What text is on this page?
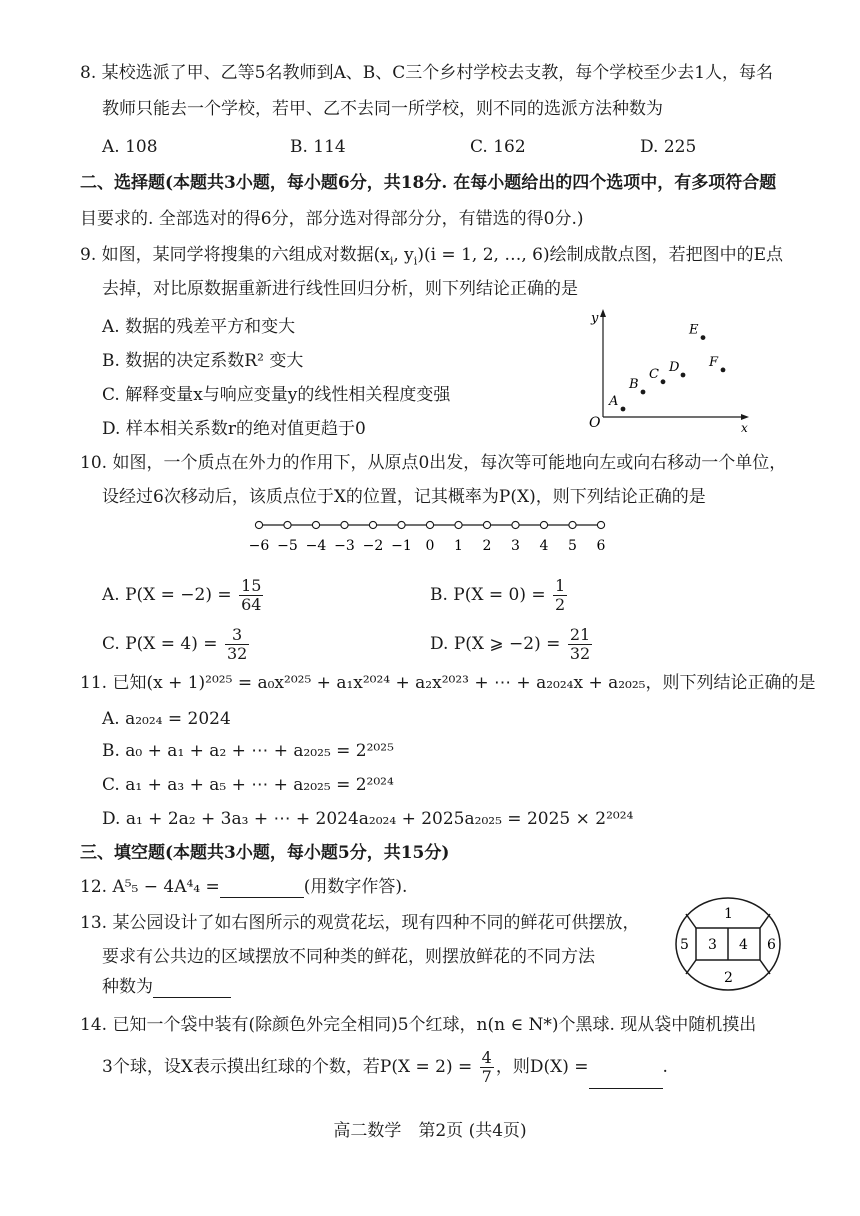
8. 某校选派了甲、乙等5名教师到A、B、C三个乡村学校去支教，每个学校至少去1人，每名
教师只能去一个学校，若甲、乙不去同一所学校，则不同的选派方法种数为
A. 108	B. 114	C. 162	D. 225
二、选择题(本题共3小题，每小题6分，共18分. 在每小题给出的四个选项中，有多项符合题
目要求的. 全部选对的得6分，部分选对得部分分，有错选的得0分.)
9. 如图，某同学将搜集的六组成对数据($x_i$, $y_i)(i = 1$, 2, …, 6)绘制成散点图，若把图中的E点
去掉，对比原数据重新进行线性回归分析，则下列结论正确的是
A. 数据的残差平方和变大
B. 数据的决定系数R² 变大
C. 解释变量x与响应变量y的线性相关程度变强
D. 样本相关系数r的绝对值更趋于0
y
x
O
A
B
C D
E
F
10. 如图，一个质点在外力的作用下，从原点0出发，每次等可能地向左或向右移动一个单位，
设经过6次移动后，该质点位于X的位置，记其概率为P(X)，则下列结论正确的是
−6 −5 −4 −3 −2 −1 0 1 2 3 4 5 6
A. $P(X = -2) = \frac{15}{64}$	B. $P(X = 0) = \frac{1}{2}$
C. $P(X = 4) = \frac{3}{32}$	D. P(X ⩾ $-2) = \frac{21}{32}$
11. 已知(x + 1)²⁰²⁵ = a₀x²⁰²⁵ + a₁x²⁰²⁴ + a₂x²⁰²³ + ⋯ + a₂₀₂₄x + a₂₀₂₅，则下列结论正确的是
A. a₂₀₂₄ = 2024
B. a₀ + a₁ + a₂ + ⋯ + a₂₀₂₅ = 2²⁰²⁵
C. a₁ + a₃ + a₅ + ⋯ + a₂₀₂₅ = 2²⁰²⁴
D. a₁ + 2a₂ + 3a₃ + ⋯ + 2024a₂₀₂₄ + 2025a₂₀₂₅ = 2025 × 2²⁰²⁴
三、填空题(本题共3小题，每小题5分，共15分)
12. A⁵₅ − 4A⁴₄ =	(用数字作答).
13. 某公园设计了如右图所示的观赏花坛，现有四种不同的鲜花可供摆放，
要求有公共边的区域摆放不同种类的鲜花，则摆放鲜花的不同方法
种数为
1
2
3 4
5	6
14. 已知一个袋中装有(除颜色外完全相同)5个红球，n(n ∈ N*)个黑球. 现从袋中随机摸出
3个球，设X表示摸出红球的个数，若$P(X = 2) = \frac{4}{7}$ ，则D(X) =	.
高二数学　第2页 (共4页)
